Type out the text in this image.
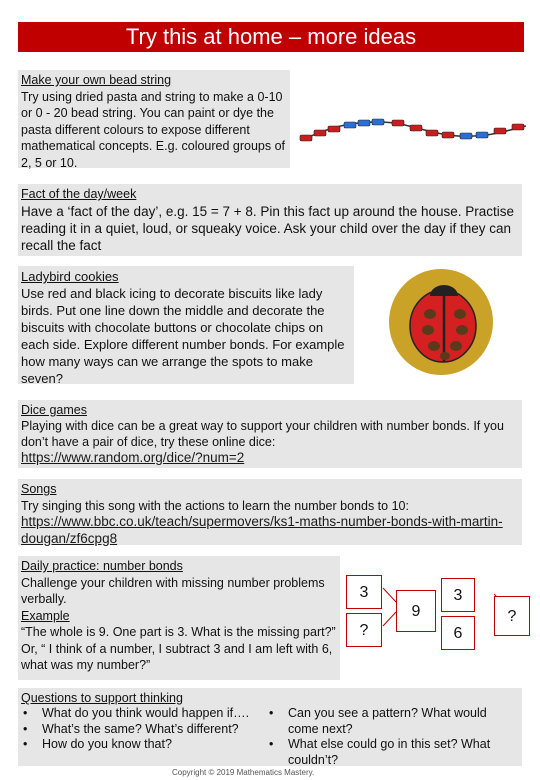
Try this at home – more ideas
Make your own bead string

Try using dried pasta and string to make a 0-10 or 0 - 20 bead string. You can paint or dye the pasta different colours to expose different mathematical concepts. E.g. coloured groups of 2, 5 or 10.

Fact of the day/week

Have a ‘fact of the day’, e.g. 15 = 7 + 8. Pin this fact up around the house. Practise reading it in a quiet, loud, or squeaky voice. Ask your child over the day if they can recall the fact

Ladybird cookies

Use red and black icing to decorate biscuits like lady birds. Put one line down the middle and decorate the biscuits with chocolate buttons or chocolate chips on each side. Explore different number bonds. For example how many ways can we arrange the spots to make seven?

Dice games

Playing with dice can be a great way to support your children with number bonds. If you don’t have a pair of dice, try these online dice:

https://www.random.org/dice/?num=2
Songs

Try singing this song with the actions to learn the number bonds to 10:

https://www.bbc.co.uk/teach/supermovers/ks1-maths-number-bonds-with-martin-dougan/zf6cpg8
Daily practice: number bonds

Challenge your children with missing number problems verbally.

Example

“The whole is 9. One part is 3. What is the missing part?” Or, “ I think of a number, I subtract 3 and I am left with 6, what was my number?”

3
?
9
3
6
?
Questions to support thinking
• What do you think would happen if….
• What’s the same? What’s different?
• How do you know that?
• Can you see a pattern? What would come next?
• What else could go in this set? What couldn’t?
Copyright © 2019 Mathematics Mastery.
